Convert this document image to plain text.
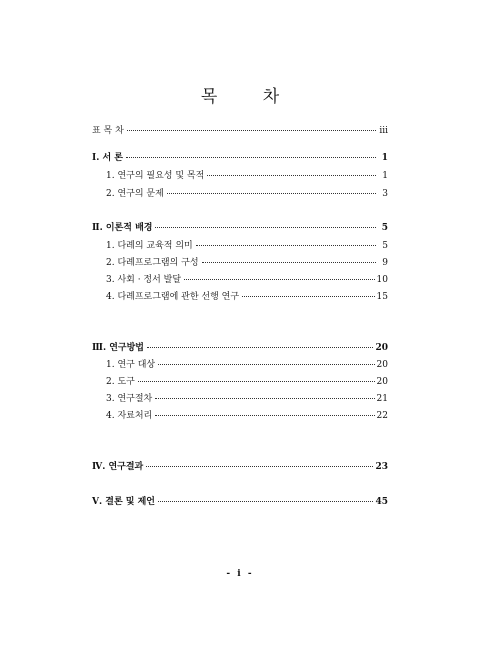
목 차
표 목 차	iii
Ⅰ. 서 론	1
1. 연구의 필요성 및 목적	1
2. 연구의 문제	3
Ⅱ. 이론적 배경	5
1. 다례의 교육적 의미	5
2. 다례프로그램의 구성	9
3. 사회 · 정서 발달	10
4. 다례프로그램에 관한 선행 연구	15
Ⅲ. 연구방법	20
1. 연구 대상	20
2. 도구	20
3. 연구절차	21
4. 자료처리	22
Ⅳ. 연구결과	23
Ⅴ. 결론 및 제언	45
- i -
